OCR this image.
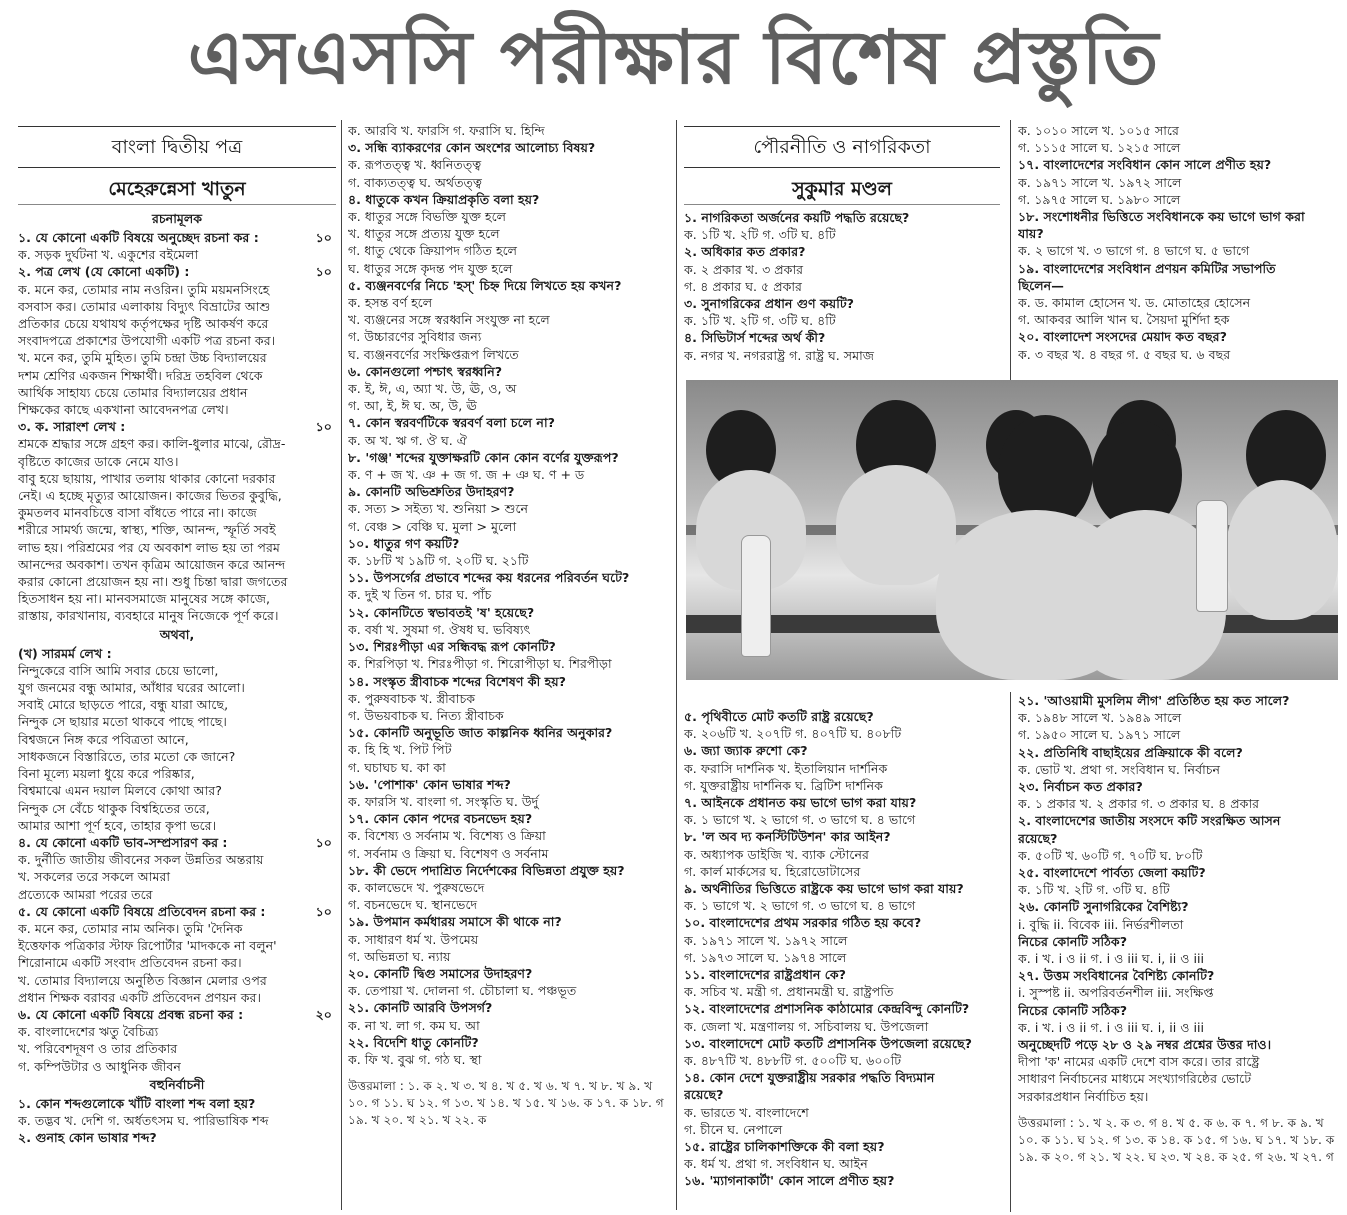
এসএসসি পরীক্ষার বিশেষ প্রস্তুতি
বাংলা দ্বিতীয় পত্র
মেহেরুন্নেসা খাতুন
রচনামূলক
১. যে কোনো একটি বিষয়ে অনুচ্ছেদ রচনা কর :	১০
ক. সড়ক দুর্ঘটনা খ. একুশের বইমেলা
২. পত্র লেখ (যে কোনো একটি) :	১০
ক. মনে কর, তোমার নাম নওরিন। তুমি ময়মনসিংহে
বসবাস কর। তোমার এলাকায় বিদ্যুৎ বিভ্রাটের আশু
প্রতিকার চেয়ে যথাযথ কর্তৃপক্ষের দৃষ্টি আকর্ষণ করে
সংবাদপত্রে প্রকাশের উপযোগী একটি পত্র রচনা কর।
খ. মনে কর, তুমি মুহিত। তুমি চন্দ্রা উচ্চ বিদ্যালয়ের
দশম শ্রেণির একজন শিক্ষার্থী। দরিদ্র তহবিল থেকে
আর্থিক সাহায্য চেয়ে তোমার বিদ্যালয়ের প্রধান
শিক্ষকের কাছে একখানা আবেদনপত্র লেখ।
৩. ক. সারাংশ লেখ :	১০
শ্রমকে শ্রদ্ধার সঙ্গে গ্রহণ কর। কালি-ধুলার মাঝে, রৌদ্র-
বৃষ্টিতে কাজের ডাকে নেমে যাও।
বাবু হয়ে ছায়ায়, পাখার তলায় থাকার কোনো দরকার
নেই। এ হচ্ছে মৃত্যুর আয়োজন। কাজের ভিতর কুবুদ্ধি,
কুমতলব মানবচিত্তে বাসা বাঁধতে পারে না। কাজে
শরীরে সামর্থ্য জন্মে, স্বাস্থ্য, শক্তি, আনন্দ, স্ফূর্তি সবই
লাভ হয়। পরিশ্রমের পর যে অবকাশ লাভ হয় তা পরম
আনন্দের অবকাশ। তখন কৃত্রিম আয়োজন করে আনন্দ
করার কোনো প্রয়োজন হয় না। শুধু চিন্তা দ্বারা জগতের
হিতসাধন হয় না। মানবসমাজে মানুষের সঙ্গে কাজে,
রাস্তায়, কারখানায়, ব্যবহারে মানুষ নিজেকে পূর্ণ করে।
অথবা,
(খ) সারমর্ম লেখ :
নিন্দুকেরে বাসি আমি সবার চেয়ে ভালো,
যুগ জনমের বন্ধু আমার, আঁধার ঘরের আলো।
সবাই মোরে ছাড়তে পারে, বন্ধু যারা আছে,
নিন্দুক সে ছায়ার মতো থাকবে পাছে পাছে।
বিশ্বজনে নিঙ্গ করে পবিত্রতা আনে,
সাধকজনে বিস্তারিতে, তার মতো কে জানে?
বিনা মূল্যে ময়লা ধুয়ে করে পরিষ্কার,
বিশ্বমাঝে এমন দয়াল মিলবে কোথা আর?
নিন্দুক সে বেঁচে থাকুক বিশ্বহিতের তরে,
আমার আশা পূর্ণ হবে, তাহার কৃপা ভরে।
৪. যে কোনো একটি ভাব-সম্প্রসারণ কর :	১০
ক. দুর্নীতি জাতীয় জীবনের সকল উন্নতির অন্তরায়
খ. সকলের তরে সকলে আমরা
প্রত্যেকে আমরা পরের তরে
৫. যে কোনো একটি বিষয়ে প্রতিবেদন রচনা কর :	১০
ক. মনে কর, তোমার নাম অনিক। তুমি 'দৈনিক
ইত্তেফাক পত্রিকার স্টাফ রিপোর্টার 'মাদককে না বলুন'
শিরোনামে একটি সংবাদ প্রতিবেদন রচনা কর।
খ. তোমার বিদ্যালয়ে অনুষ্ঠিত বিজ্ঞান মেলার ওপর
প্রধান শিক্ষক বরাবর একটি প্রতিবেদন প্রণয়ন কর।
৬. যে কোনো একটি বিষয়ে প্রবন্ধ রচনা কর :	২০
ক. বাংলাদেশের ঋতু বৈচিত্র্য
খ. পরিবেশদূষণ ও তার প্রতিকার
গ. কম্পিউটার ও আধুনিক জীবন
বহুনির্বাচনী
১. কোন শব্দগুলোকে খাঁটি বাংলা শব্দ বলা হয়?
ক. তদ্ভব খ. দেশি গ. অর্ধতৎসম ঘ. পারিভাষিক শব্দ
২. গুনাহ কোন ভাষার শব্দ?
ক. আরবি খ. ফারসি গ. ফরাসি ঘ. হিন্দি
৩. সন্ধি ব্যাকরণের কোন অংশের আলোচ্য বিষয়?
ক. রূপতত্ত্ব খ. ধ্বনিতত্ত্ব
গ. বাক্যতত্ত্ব ঘ. অর্থতত্ত্ব
৪. ধাতুকে কখন ক্রিয়াপ্রকৃতি বলা হয়?
ক. ধাতুর সঙ্গে বিভক্তি যুক্ত হলে
খ. ধাতুর সঙ্গে প্রত্যয় যুক্ত হলে
গ. ধাতু থেকে ক্রিয়াপদ গঠিত হলে
ঘ. ধাতুর সঙ্গে কৃদন্ত পদ যুক্ত হলে
৫. ব্যঞ্জনবর্ণের নিচে 'হস্' চিহ্ন দিয়ে লিখতে হয় কখন?
ক. হসন্ত বর্ণ হলে
খ. ব্যঞ্জনের সঙ্গে স্বরধ্বনি সংযুক্ত না হলে
গ. উচ্চারণের সুবিধার জন্য
ঘ. ব্যঞ্জনবর্ণের সংক্ষিপ্তরূপ লিখতে
৬. কোনগুলো পশ্চাৎ স্বরধ্বনি?
ক. ই, ঈ, এ, অ্যা খ. উ, ঊ, ও, অ
গ. আ, ই, ঈ ঘ. অ, উ, ঊ
৭. কোন স্বরবর্ণটিকে স্বরবর্ণ বলা চলে না?
ক. অ খ. ঋ গ. ঔ ঘ. ঐ
৮. 'গঞ্জ' শব্দের যুক্তাক্ষরটি কোন কোন বর্ণের যুক্তরূপ?
ক. ণ + জ খ. ঞ + জ গ. জ + ঞ ঘ. ণ + ড
৯. কোনটি অভিশ্রুতির উদাহরণ?
ক. সত্য > সইত্য খ. শুনিয়া > শুনে
গ. বেঞ্চ > বেঞ্চি ঘ. মুলা > মুলো
১০. ধাতুর গণ কয়টি?
ক. ১৮টি খ ১৯টি গ. ২০টি ঘ. ২১টি
১১. উপসর্গের প্রভাবে শব্দের কয় ধরনের পরিবর্তন ঘটে?
ক. দুই খ তিন গ. চার ঘ. পাঁচ
১২. কোনটিতে স্বভাবতই 'ষ' হয়েছে?
ক. বর্ষা খ. সুষমা গ. ঔষধ ঘ. ভবিষ্যৎ
১৩. শিরঃপীড়া এর সন্ধিবদ্ধ রূপ কোনটি?
ক. শিরপিড়া খ. শিরঃপীড়া গ. শিরোপীড়া ঘ. শিরপীড়া
১৪. সংস্কৃত স্ত্রীবাচক শব্দের বিশেষণ কী হয়?
ক. পুরুষবাচক খ. স্ত্রীবাচক
গ. উভয়বাচক ঘ. নিত্য স্ত্রীবাচক
১৫. কোনটি অনুভূতি জাত কাল্পনিক ধ্বনির অনুকার?
ক. হি হি খ. পিট পিট
গ. ঘচাঘচ ঘ. কা কা
১৬. 'পোশাক' কোন ভাষার শব্দ?
ক. ফারসি খ. বাংলা গ. সংস্কৃতি ঘ. উর্দু
১৭. কোন কোন পদের বচনভেদ হয়?
ক. বিশেষ্য ও সর্বনাম খ. বিশেষ্য ও ক্রিয়া
গ. সর্বনাম ও ক্রিয়া ঘ. বিশেষণ ও সর্বনাম
১৮. কী ভেদে পদাশ্রিত নির্দেশকের বিভিন্নতা প্রযুক্ত হয়?
ক. কালভেদে খ. পুরুষভেদে
গ. বচনভেদে ঘ. স্থানভেদে
১৯. উপমান কর্মধারয় সমাসে কী থাকে না?
ক. সাধারণ ধর্ম খ. উপমেয়
গ. অভিন্নতা ঘ. ন্যায়
২০. কোনটি দ্বিগু সমাসের উদাহরণ?
ক. তেপায়া খ. দোলনা গ. চৌচালা ঘ. পঞ্চভূত
২১. কোনটি আরবি উপসর্গ?
ক. না খ. লা গ. কম ঘ. আ
২২. বিদেশি ধাতু কোনটি?
ক. ফি খ. বুঝ গ. গঠ ঘ. স্থা
উত্তরমালা : ১. ক ২. খ ৩. খ ৪. খ ৫. খ ৬. খ ৭. খ ৮. খ ৯. খ ১০. গ ১১. ঘ ১২. গ ১৩. খ ১৪. খ ১৫. খ ১৬. ক ১৭. ক ১৮. গ ১৯. খ ২০. খ ২১. খ ২২. ক
পৌরনীতি ও নাগরিকতা
সুকুমার মণ্ডল
১. নাগরিকতা অর্জনের কয়টি পদ্ধতি রয়েছে?
ক. ১টি খ. ২টি গ. ৩টি ঘ. ৪টি
২. অধিকার কত প্রকার?
ক. ২ প্রকার খ. ৩ প্রকার
গ. ৪ প্রকার ঘ. ৫ প্রকার
৩. সুনাগরিকের প্রধান গুণ কয়টি?
ক. ১টি খ. ২টি গ. ৩টি ঘ. ৪টি
৪. সিভিটার্স শব্দের অর্থ কী?
ক. নগর খ. নগররাষ্ট্র গ. রাষ্ট্র ঘ. সমাজ
ক. ১০১০ সালে খ. ১০১৫ সারে
গ. ১১১৫ সালে ঘ. ১২১৫ সালে
১৭. বাংলাদেশের সংবিধান কোন সালে প্রণীত হয়?
ক. ১৯৭১ সালে খ. ১৯৭২ সালে
গ. ১৯৭৫ সালে ঘ. ১৯৮০ সালে
১৮. সংশোধনীর ভিত্তিতে সংবিধানকে কয় ভাগে ভাগ করা
যায়?
ক. ২ ভাগে খ. ৩ ভাগে গ. ৪ ভাগে ঘ. ৫ ভাগে
১৯. বাংলাদেশের সংবিধান প্রণয়ন কমিটির সভাপতি
ছিলেন—
ক. ড. কামাল হোসেন খ. ড. মোতাহের হোসেন
গ. আকবর আলি খান ঘ. সৈয়দা মুর্শিদা হক
২০. বাংলাদেশ সংসদের মেয়াদ কত বছর?
ক. ৩ বছর খ. ৪ বছর গ. ৫ বছর ঘ. ৬ বছর
৫. পৃথিবীতে মোট কতটি রাষ্ট্র রয়েছে?
ক. ২০৬টি খ. ২০৭টি গ. ৪০৭টি ঘ. ৪০৮টি
৬. জ্যা জ্যাক রুশো কে?
ক. ফরাসি দার্শনিক খ. ইতালিয়ান দার্শনিক
গ. যুক্তরাষ্ট্রীয় দার্শনিক ঘ. ব্রিটিশ দার্শনিক
৭. আইনকে প্রধানত কয় ভাগে ভাগ করা যায়?
ক. ১ ভাগে খ. ২ ভাগে গ. ৩ ভাগে ঘ. ৪ ভাগে
৮. 'ল অব দ্য কনস্টিটিউশন' কার আইন?
ক. অধ্যাপক ডাইজি খ. ব্যাক স্টোনের
গ. কার্ল মার্কসের ঘ. হিরোডোটাসের
৯. অর্থনীতির ভিত্তিতে রাষ্ট্রকে কয় ভাগে ভাগ করা যায়?
ক. ১ ভাগে খ. ২ ভাগে গ. ৩ ভাগে ঘ. ৪ ভাগে
১০. বাংলাদেশের প্রথম সরকার গঠিত হয় কবে?
ক. ১৯৭১ সালে খ. ১৯৭২ সালে
গ. ১৯৭৩ সালে ঘ. ১৯৭৪ সালে
১১. বাংলাদেশের রাষ্ট্রপ্রধান কে?
ক. সচিব খ. মন্ত্রী গ. প্রধানমন্ত্রী ঘ. রাষ্ট্রপতি
১২. বাংলাদেশের প্রশাসনিক কাঠামোর কেন্দ্রবিন্দু কোনটি?
ক. জেলা খ. মন্ত্রণালয় গ. সচিবালয় ঘ. উপজেলা
১৩. বাংলাদেশে মোট কতটি প্রশাসনিক উপজেলা রয়েছে?
ক. ৪৮৭টি খ. ৪৮৮টি গ. ৫০০টি ঘ. ৬০০টি
১৪. কোন দেশে যুক্তরাষ্ট্রীয় সরকার পদ্ধতি বিদ্যমান
রয়েছে?
ক. ভারতে খ. বাংলাদেশে
গ. চীনে ঘ. নেপালে
১৫. রাষ্ট্রের চালিকাশক্তিকে কী বলা হয়?
ক. ধর্ম খ. প্রথা গ. সংবিধান ঘ. আইন
১৬. 'ম্যাগনাকার্টা' কোন সালে প্রণীত হয়?
২১. 'আওয়ামী মুসলিম লীগ' প্রতিষ্ঠিত হয় কত সালে?
ক. ১৯৪৮ সালে খ. ১৯৪৯ সালে
গ. ১৯৫০ সালে ঘ. ১৯৭১ সালে
২২. প্রতিনিধি বাছাইয়ের প্রক্রিয়াকে কী বলে?
ক. ভোট খ. প্রথা গ. সংবিধান ঘ. নির্বাচন
২৩. নির্বাচন কত প্রকার?
ক. ১ প্রকার খ. ২ প্রকার গ. ৩ প্রকার ঘ. ৪ প্রকার
২. বাংলাদেশের জাতীয় সংসদে কটি সংরক্ষিত আসন
রয়েছে?
ক. ৫০টি খ. ৬০টি গ. ৭০টি ঘ. ৮০টি
২৫. বাংলাদেশে পার্বত্য জেলা কয়টি?
ক. ১টি খ. ২টি গ. ৩টি ঘ. ৪টি
২৬. কোনটি সুনাগরিকের বৈশিষ্ট্য?
i. বুদ্ধি ii. বিবেক iii. নির্ভরশীলতা
নিচের কোনটি সঠিক?
ক. i খ. i ও ii গ. i ও iii ঘ. i, ii ও iii
২৭. উত্তম সংবিধানের বৈশিষ্ট্য কোনটি?
i. সুস্পষ্ট ii. অপরিবর্তনশীল iii. সংক্ষিপ্ত
নিচের কোনটি সঠিক?
ক. i খ. i ও ii গ. i ও iii ঘ. i, ii ও iii
অনুচ্ছেদটি পড়ে ২৮ ও ২৯ নম্বর প্রশ্নের উত্তর দাও।
দীপা 'ক' নামের একটি দেশে বাস করে। তার রাষ্ট্রে
সাধারণ নির্বাচনের মাধ্যমে সংখ্যাগরিষ্ঠের ভোটে
সরকারপ্রধান নির্বাচিত হয়।
উত্তরমালা : ১. খ ২. ক ৩. গ ৪. খ ৫. ক ৬. ক ৭. গ ৮. ক ৯. খ ১০. ক ১১. ঘ ১২. গ ১৩. ক ১৪. ক ১৫. গ ১৬. ঘ ১৭. খ ১৮. ক ১৯. ক ২০. গ ২১. খ ২২. ঘ ২৩. খ ২৪. ক ২৫. গ ২৬. খ ২৭. গ
